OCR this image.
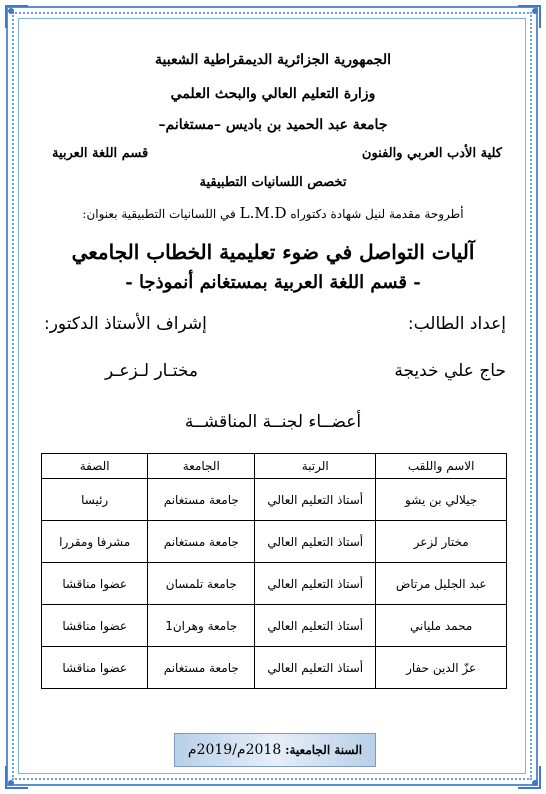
الجمهورية الجزائرية الديمقراطية الشعبية
وزارة التعليم العالي والبحث العلمي
جامعة عبد الحميد بن باديس –مستغانم–
كلية الأدب العربي والفنون
قسم اللغة العربية
تخصص اللسانيات التطبيقية
أطروحة مقدمة لنيل شهادة دكتوراه L.M.D في اللسانيات التطبيقية بعنوان:
آليات التواصل في ضوء تعليمية الخطاب الجامعي
- قسم اللغة العربية بمستغانم أنموذجا -
إعداد الطالب:
إشراف الأستاذ الدكتور:
حاج علي خديجة
مختـار لـزعـر
أعضــاء لجنــة المناقشــة
الاسم واللقب	الرتبة	الجامعة	الصفة
جيلالي بن يشو	أستاذ التعليم العالي	جامعة مستغانم	رئيسا
مختار لزعر	أستاذ التعليم العالي	جامعة مستغانم	مشرفا ومقررا
عبد الجليل مرتاض	أستاذ التعليم العالي	جامعة تلمسان	عضوا مناقشا
محمد ملياني	أستاذ التعليم العالي	جامعة وهران1	عضوا مناقشا
عزّ الدين حفار	أستاذ التعليم العالي	جامعة مستغانم	عضوا مناقشا
السنة الجامعية: 2018م/2019م
